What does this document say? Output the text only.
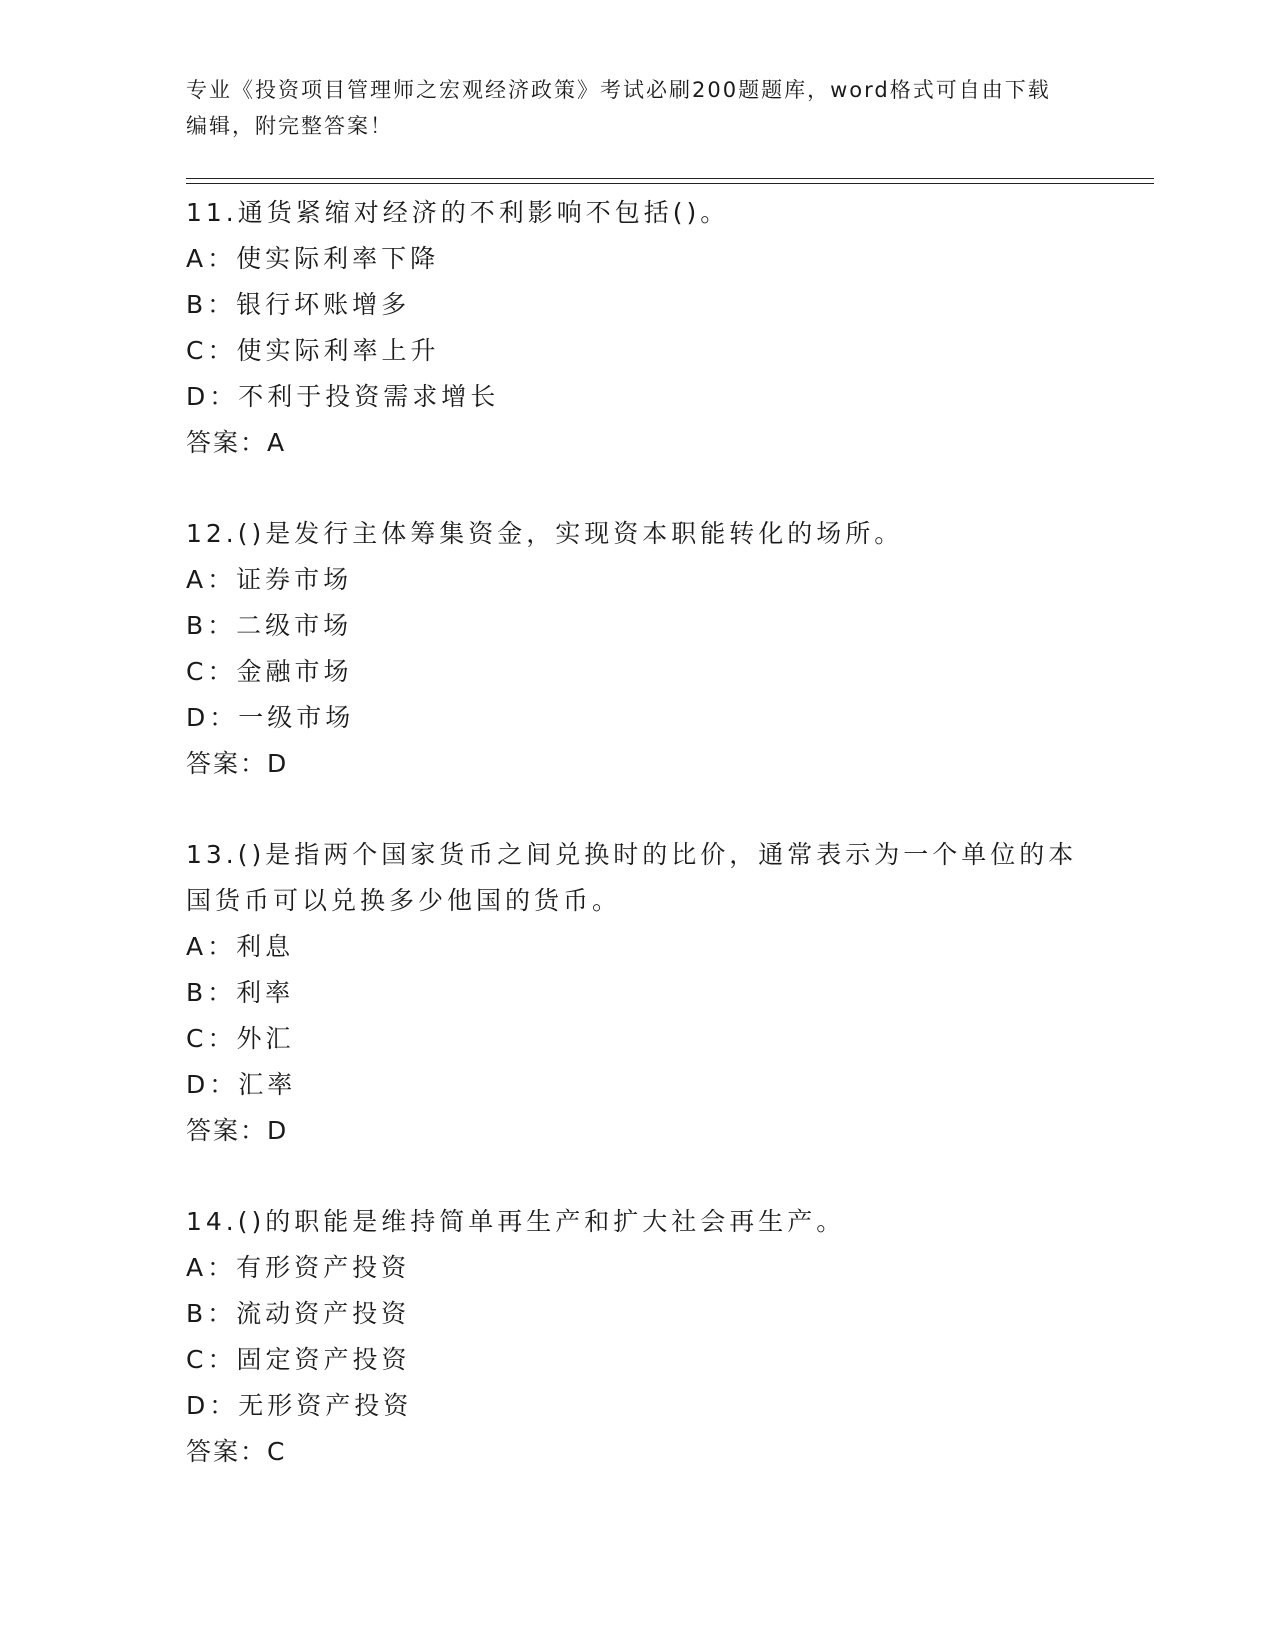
专业《投资项目管理师之宏观经济政策》考试必刷200题题库，word格式可自由下载编辑，附完整答案！
11.通货紧缩对经济的不利影响不包括()。
A：使实际利率下降
B：银行坏账增多
C：使实际利率上升
D：不利于投资需求增长
答案：A
12.()是发行主体筹集资金，实现资本职能转化的场所。
A：证券市场
B：二级市场
C：金融市场
D：一级市场
答案：D
13.()是指两个国家货币之间兑换时的比价，通常表示为一个单位的本国货币可以兑换多少他国的货币。
A：利息
B：利率
C：外汇
D：汇率
答案：D
14.()的职能是维持简单再生产和扩大社会再生产。
A：有形资产投资
B：流动资产投资
C：固定资产投资
D：无形资产投资
答案：C
